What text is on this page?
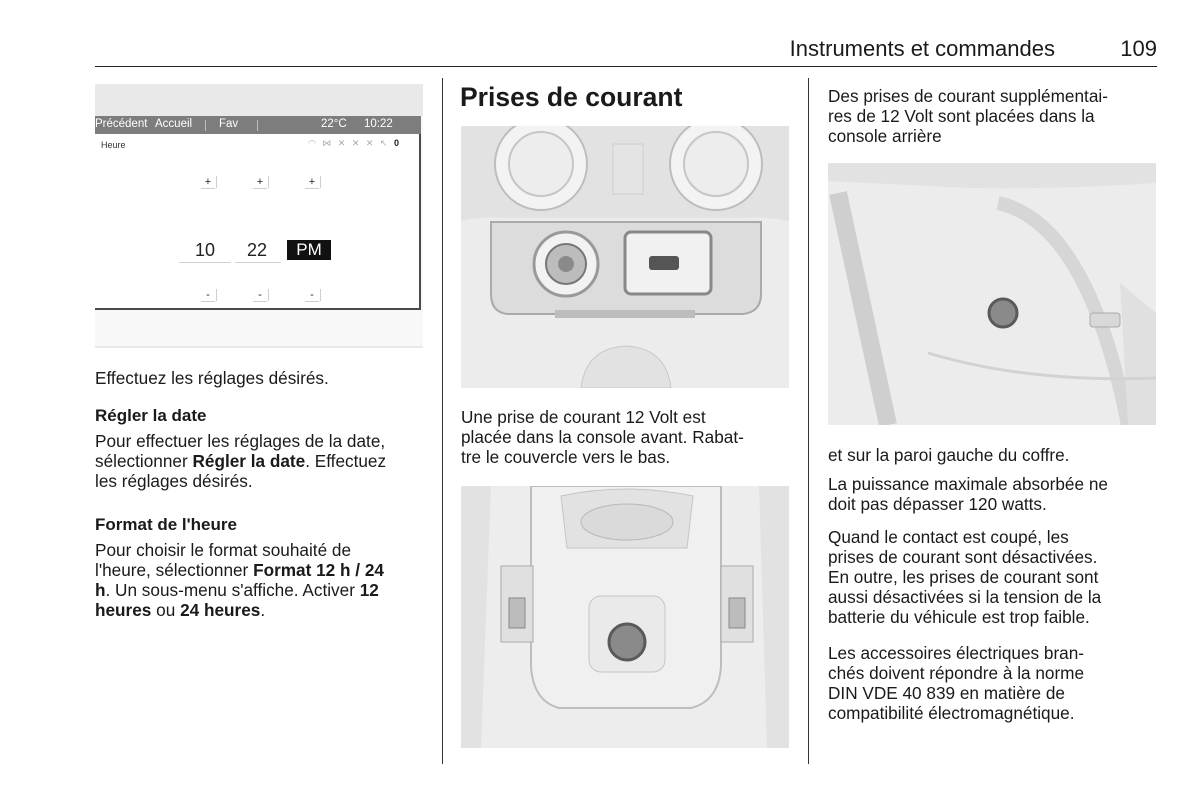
Instruments et commandes	109
Précédent Accueil Fav	22°C 10:22
Heure	◠ ⋈ ✕ ✕ ✕ ↖ 0
+	+	+
10	22	PM
-	-	-

Effectuez les réglages désirés.

Régler la date

Pour effectuer les réglages de la date,
sélectionner Régler la date. Effectuez
les réglages désirés.

Format de l'heure

Pour choisir le format souhaité de
l'heure, sélectionner Format 12 h / 24
h. Un sous-menu s'affiche. Activer 12
heures ou 24 heures.
Prises de courant
Une prise de courant 12 Volt est
placée dans la console avant. Rabat-
tre le couvercle vers le bas.
Des prises de courant supplémentai-
res de 12 Volt sont placées dans la
console arrière

et sur la paroi gauche du coffre.

La puissance maximale absorbée ne
doit pas dépasser 120 watts.
Quand le contact est coupé, les
prises de courant sont désactivées.
En outre, les prises de courant sont
aussi désactivées si la tension de la
batterie du véhicule est trop faible.
Les accessoires électriques bran-
chés doivent répondre à la norme
DIN VDE 40 839 en matière de
compatibilité électromagnétique.
